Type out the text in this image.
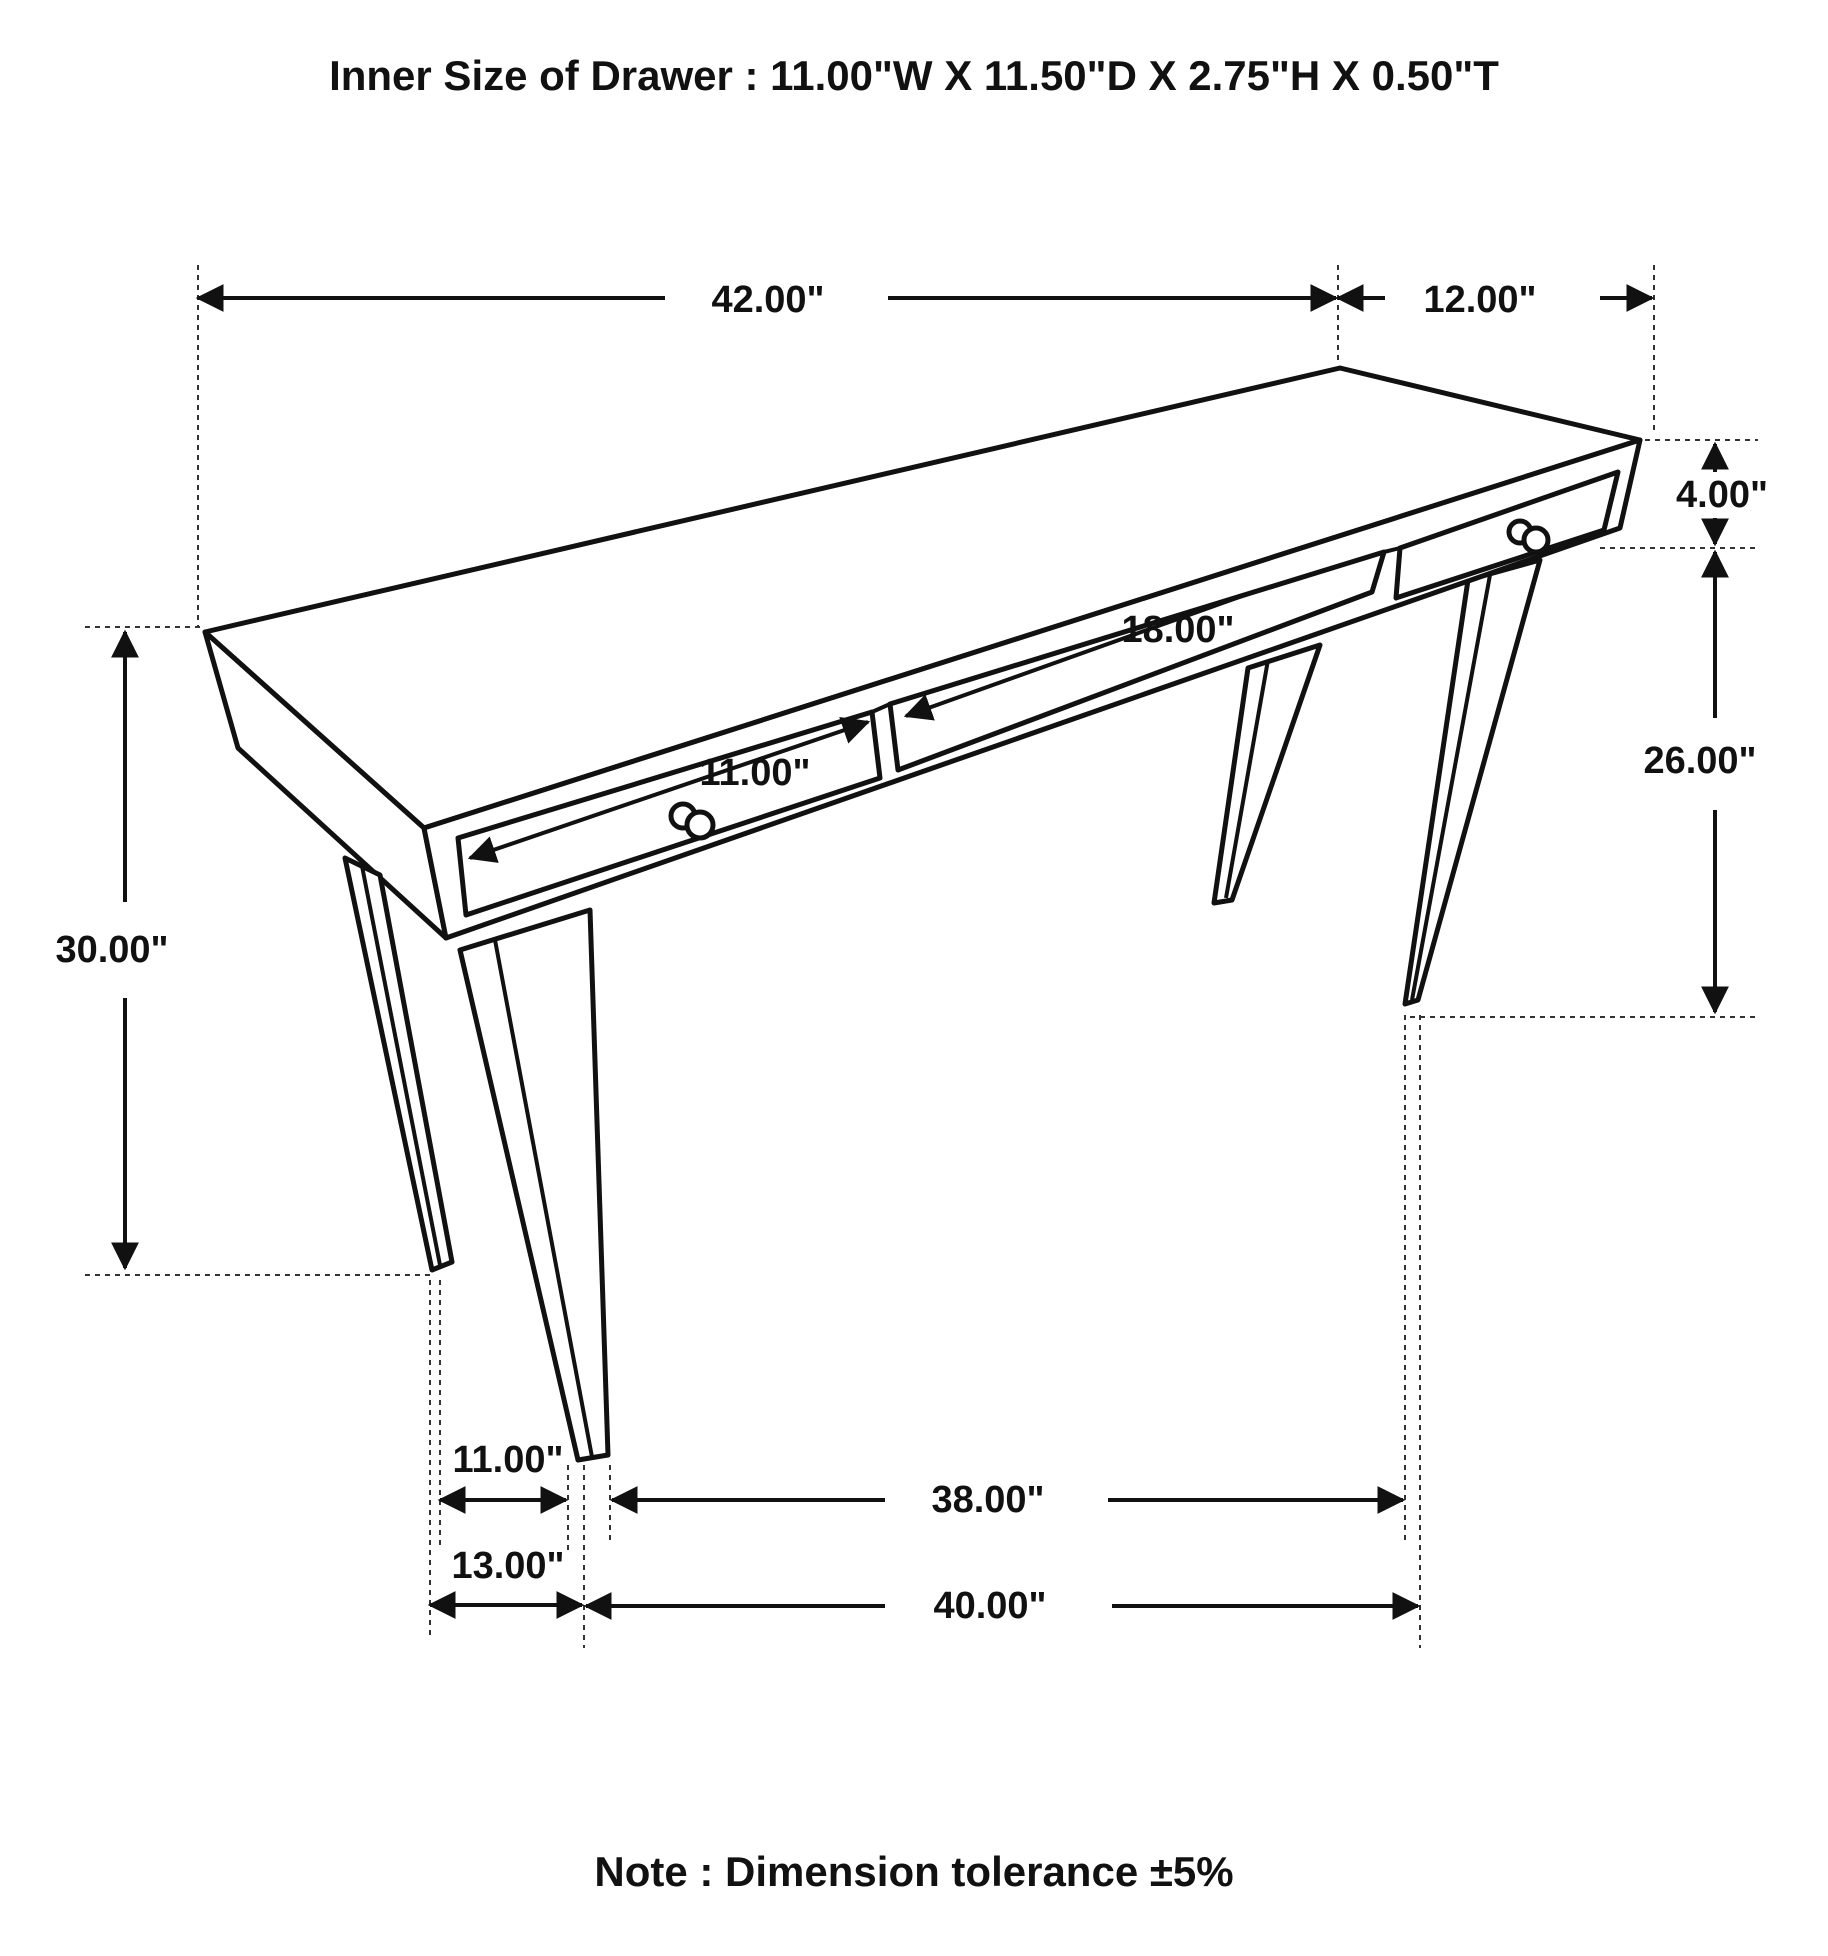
Inner Size of Drawer : 11.00"W X 11.50"D X 2.75"H X 0.50"T
42.00"	12.00"
4.00"
26.00"
30.00"
18.00"
11.00"
11.00"
13.00"
38.00"
40.00"
Note : Dimension tolerance ±5%
